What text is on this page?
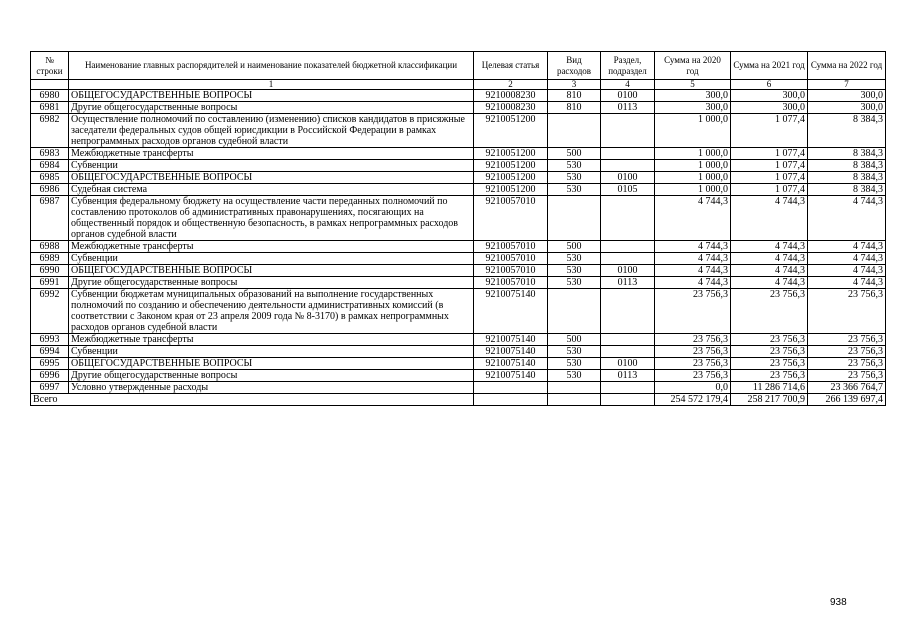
№
строки	Наименование главных распорядителей и наименование показателей бюджетной классификации	Целевая статья	Вид расходов	Раздел, подраздел	Сумма на 2020 год	Сумма на 2021 год	Сумма на 2022 год
	1	2	3	4	5	6	7
6980	ОБЩЕГОСУДАРСТВЕННЫЕ ВОПРОСЫ	9210008230	810	0100	300,0	300,0	300,0
6981	Другие общегосударственные вопросы	9210008230	810	0113	300,0	300,0	300,0
6982	Осуществление полномочий по составлению (изменению) списков кандидатов в присяжные заседатели федеральных судов общей юрисдикции в Российской Федерации в рамках непрограммных расходов органов судебной власти	9210051200			1 000,0	1 077,4	8 384,3
6983	Межбюджетные трансферты	9210051200	500		1 000,0	1 077,4	8 384,3
6984	Субвенции	9210051200	530		1 000,0	1 077,4	8 384,3
6985	ОБЩЕГОСУДАРСТВЕННЫЕ ВОПРОСЫ	9210051200	530	0100	1 000,0	1 077,4	8 384,3
6986	Судебная система	9210051200	530	0105	1 000,0	1 077,4	8 384,3
6987	Субвенция федеральному бюджету на осуществление части переданных полномочий по составлению протоколов об административных правонарушениях, посягающих на общественный порядок и общественную безопасность, в рамках непрограммных расходов органов судебной власти	9210057010			4 744,3	4 744,3	4 744,3
6988	Межбюджетные трансферты	9210057010	500		4 744,3	4 744,3	4 744,3
6989	Субвенции	9210057010	530		4 744,3	4 744,3	4 744,3
6990	ОБЩЕГОСУДАРСТВЕННЫЕ ВОПРОСЫ	9210057010	530	0100	4 744,3	4 744,3	4 744,3
6991	Другие общегосударственные вопросы	9210057010	530	0113	4 744,3	4 744,3	4 744,3
6992	Субвенции бюджетам муниципальных образований на выполнение государственных полномочий по созданию и обеспечению деятельности административных комиссий (в соответствии с Законом края от 23 апреля 2009 года № 8-3170) в рамках непрограммных расходов органов судебной власти	9210075140			23 756,3	23 756,3	23 756,3
6993	Межбюджетные трансферты	9210075140	500		23 756,3	23 756,3	23 756,3
6994	Субвенции	9210075140	530		23 756,3	23 756,3	23 756,3
6995	ОБЩЕГОСУДАРСТВЕННЫЕ ВОПРОСЫ	9210075140	530	0100	23 756,3	23 756,3	23 756,3
6996	Другие общегосударственные вопросы	9210075140	530	0113	23 756,3	23 756,3	23 756,3
6997	Условно утвержденные расходы				0,0	11 286 714,6	23 366 764,7
Всего					254 572 179,4	258 217 700,9	266 139 697,4
938
